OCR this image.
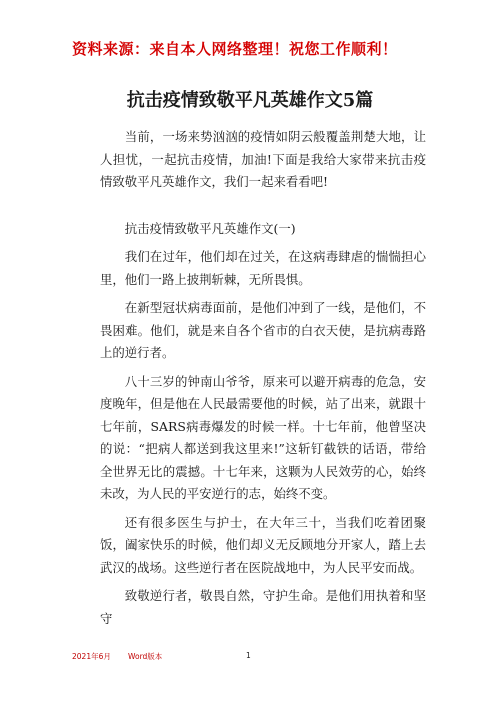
资料来源：来自本人网络整理！祝您工作顺利！
抗击疫情致敬平凡英雄作文5篇

当前，一场来势汹汹的疫情如阴云般覆盖荆楚大地，让人担忧，一起抗击疫情，加油!下面是我给大家带来抗击疫情致敬平凡英雄作文，我们一起来看看吧!

抗击疫情致敬平凡英雄作文(一)

我们在过年，他们却在过关，在这病毒肆虐的惴惴担心里，他们一路上披荆斩棘，无所畏惧。

在新型冠状病毒面前，是他们冲到了一线，是他们，不畏困难。他们，就是来自各个省市的白衣天使，是抗病毒路上的逆行者。

八十三岁的钟南山爷爷，原来可以避开病毒的危急，安度晚年，但是他在人民最需要他的时候，站了出来，就跟十七年前，SARS病毒爆发的时候一样。十七年前，他曾坚决的说：“把病人都送到我这里来!”这斩钉截铁的话语，带给全世界无比的震撼。十七年来，这颗为人民效劳的心，始终未改，为人民的平安逆行的志，始终不变。

还有很多医生与护士，在大年三十，当我们吃着团聚饭，阖家快乐的时候，他们却义无反顾地分开家人，踏上去武汉的战场。这些逆行者在医院战地中，为人民平安而战。

致敬逆行者，敬畏自然，守护生命。是他们用执着和坚守

2021年6月 Word版本	1
